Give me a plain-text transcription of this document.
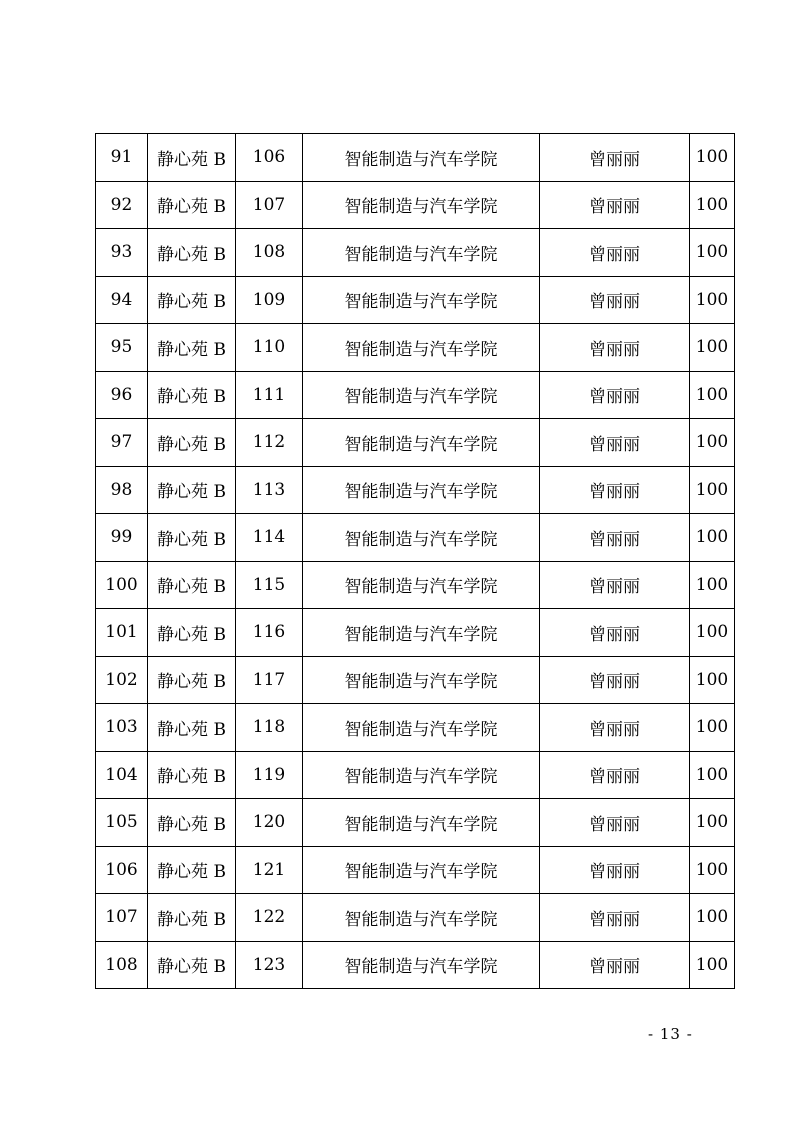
91	静心苑 B	106	智能制造与汽车学院	曾丽丽	100
92	静心苑 B	107	智能制造与汽车学院	曾丽丽	100
93	静心苑 B	108	智能制造与汽车学院	曾丽丽	100
94	静心苑 B	109	智能制造与汽车学院	曾丽丽	100
95	静心苑 B	110	智能制造与汽车学院	曾丽丽	100
96	静心苑 B	111	智能制造与汽车学院	曾丽丽	100
97	静心苑 B	112	智能制造与汽车学院	曾丽丽	100
98	静心苑 B	113	智能制造与汽车学院	曾丽丽	100
99	静心苑 B	114	智能制造与汽车学院	曾丽丽	100
100	静心苑 B	115	智能制造与汽车学院	曾丽丽	100
101	静心苑 B	116	智能制造与汽车学院	曾丽丽	100
102	静心苑 B	117	智能制造与汽车学院	曾丽丽	100
103	静心苑 B	118	智能制造与汽车学院	曾丽丽	100
104	静心苑 B	119	智能制造与汽车学院	曾丽丽	100
105	静心苑 B	120	智能制造与汽车学院	曾丽丽	100
106	静心苑 B	121	智能制造与汽车学院	曾丽丽	100
107	静心苑 B	122	智能制造与汽车学院	曾丽丽	100
108	静心苑 B	123	智能制造与汽车学院	曾丽丽	100
- 13 -
